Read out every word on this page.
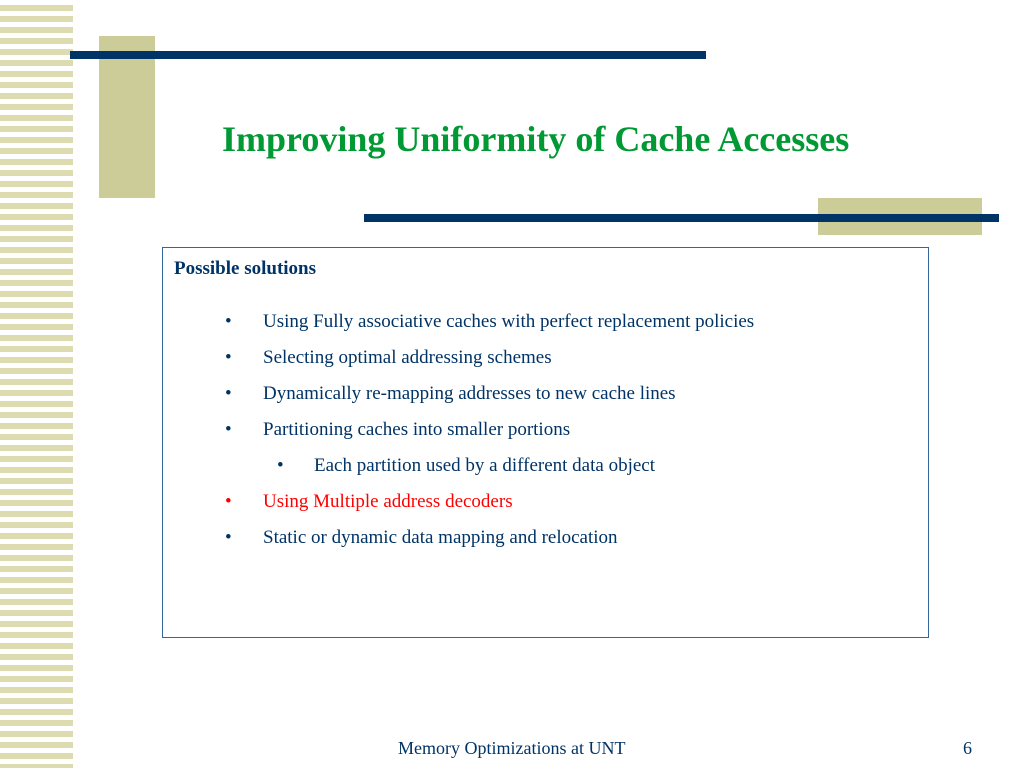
Improving Uniformity of Cache Accesses
Possible solutions
• Using Fully associative caches with perfect replacement policies
• Selecting optimal addressing schemes
• Dynamically re-mapping addresses to new cache lines
• Partitioning caches into smaller portions
• Each partition used by a different data object
• Using Multiple address decoders
• Static or dynamic data mapping and relocation
Memory Optimizations at UNT	6
